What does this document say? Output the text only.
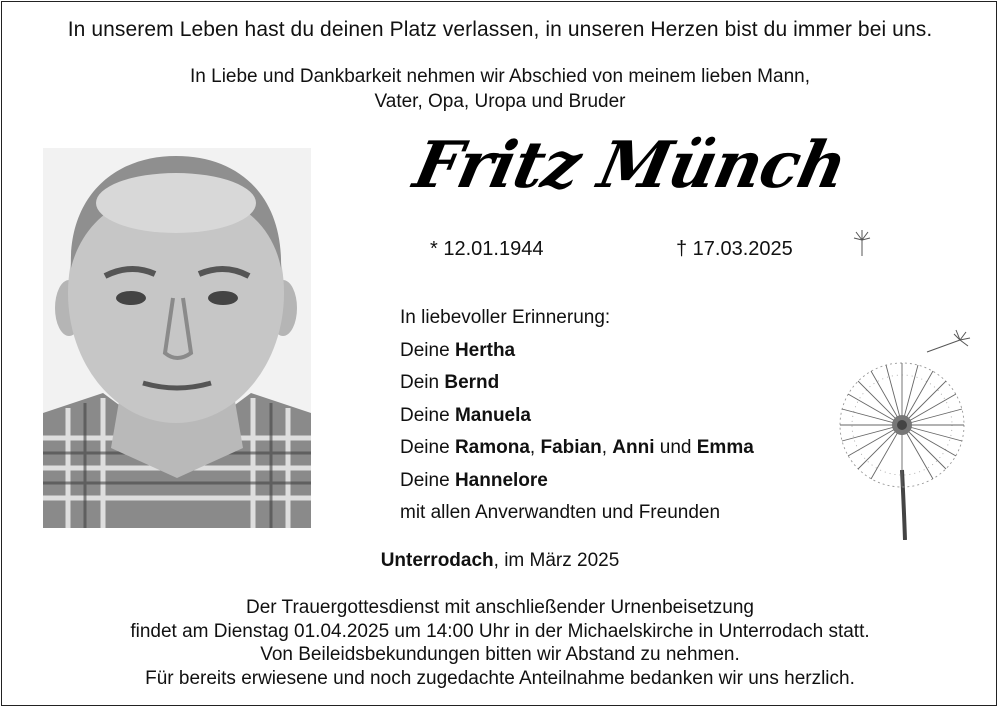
In unserem Leben hast du deinen Platz verlassen, in unseren Herzen bist du immer bei uns.
In Liebe und Dankbarkeit nehmen wir Abschied von meinem lieben Mann,
Vater, Opa, Uropa und Bruder
Fritz Münch
* 12.01.1944	† 17.03.2025
In liebevoller Erinnerung:
Deine Hertha
Dein Bernd
Deine Manuela
Deine Ramona, Fabian, Anni und Emma
Deine Hannelore
mit allen Anverwandten und Freunden
Unterrodach, im März 2025
Der Trauergottesdienst mit anschließender Urnenbeisetzung
findet am Dienstag 01.04.2025 um 14:00 Uhr in der Michaelskirche in Unterrodach statt.
Von Beileidsbekundungen bitten wir Abstand zu nehmen.
Für bereits erwiesene und noch zugedachte Anteilnahme bedanken wir uns herzlich.
